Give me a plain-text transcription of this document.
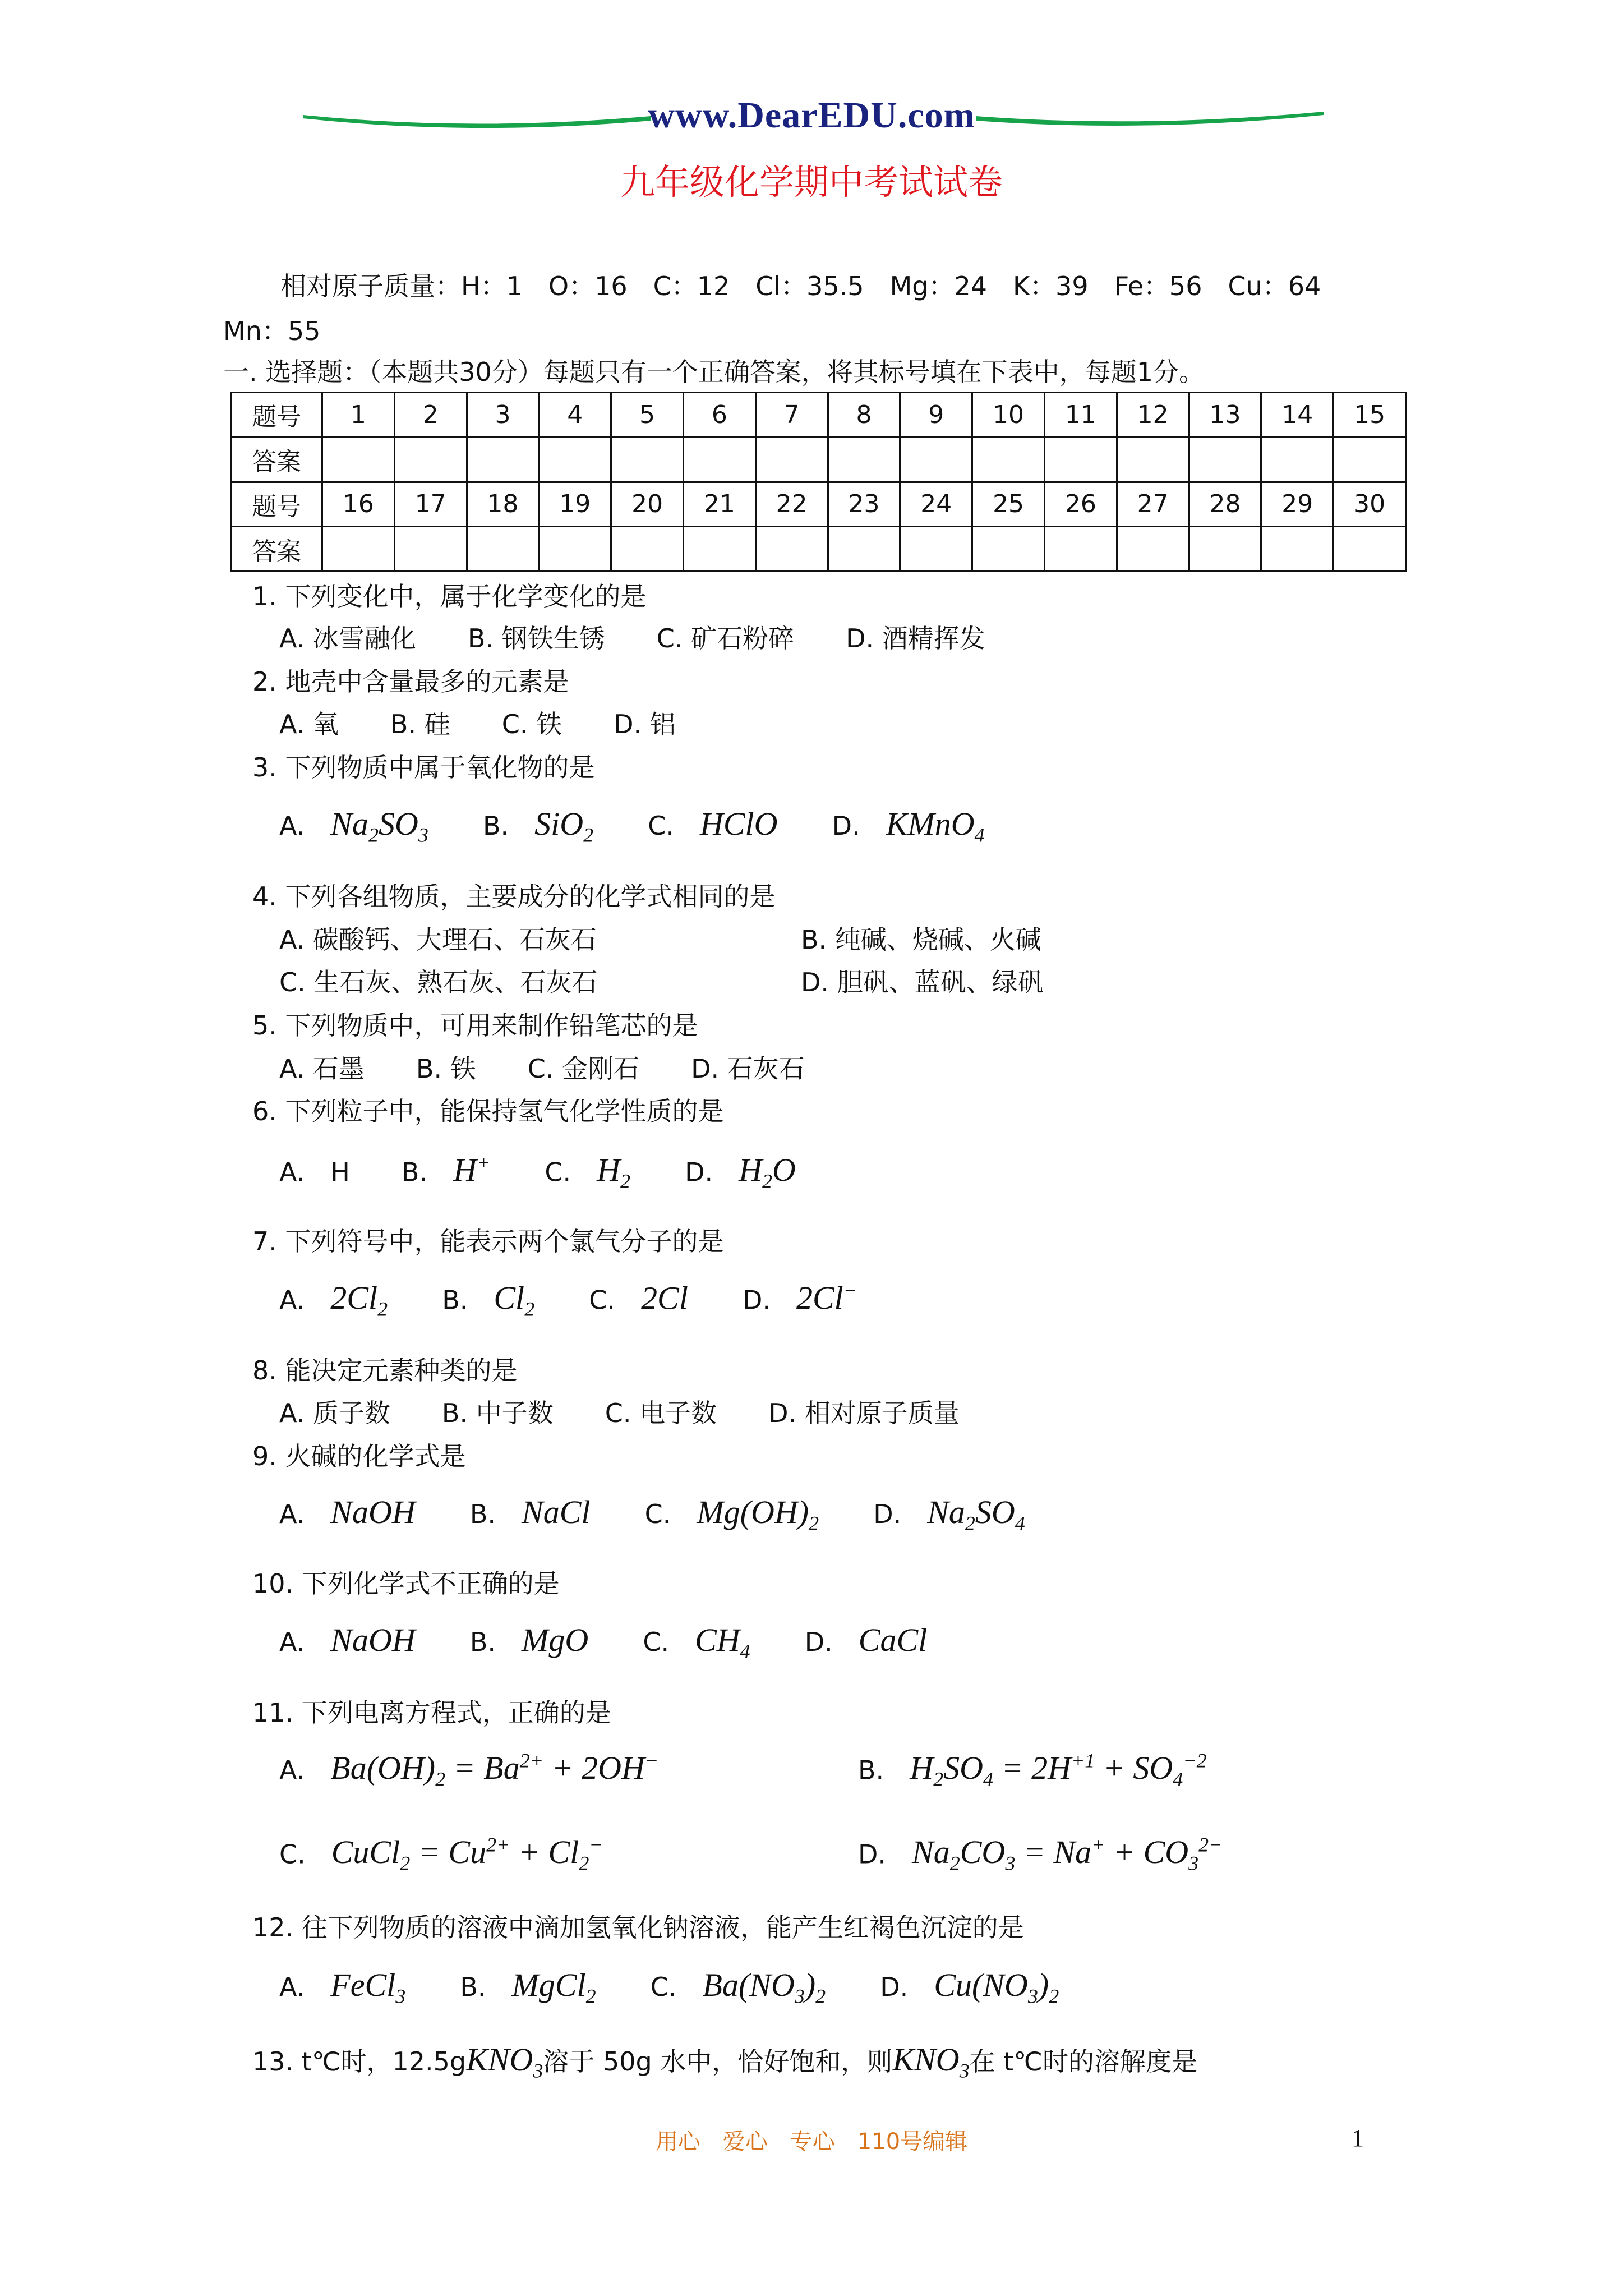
www.DearEDU.com
九年级化学期中考试试卷
相对原子质量：H：1　O：16　C：12　Cl：35.5　Mg：24　K：39　Fe：56　Cu：64
Mn：55
一. 选择题：（本题共30分）每题只有一个正确答案，将其标号填在下表中，每题1分。
题号	1	2	3	4	5	6	7	8	9	10	11	12	13	14	15
答案															
题号	16	17	18	19	20	21	22	23	24	25	26	27	28	29	30
答案															
1. 下列变化中，属于化学变化的是
A. 冰雪融化　　B. 钢铁生锈　　C. 矿石粉碎　　D. 酒精挥发
2. 地壳中含量最多的元素是
A. 氧　　B. 硅　　C. 铁　　D. 铝
3. 下列物质中属于氧化物的是
A.　$Na_2SO_3$ 　　B.　SiO$_2$ 　　C.　HClO 　　D.　KMnO$_4$
4. 下列各组物质，主要成分的化学式相同的是
A. 碳酸钙、大理石、石灰石	B. 纯碱、烧碱、火碱
C. 生石灰、熟石灰、石灰石	D. 胆矾、蓝矾、绿矾
5. 下列物质中，可用来制作铅笔芯的是
A. 石墨　　B. 铁　　C. 金刚石　　D. 石灰石
6. 下列粒子中，能保持氢气化学性质的是
A.　H　　B.　H+ 　　C.　$H_2$ 　　D.　$H_2O$
7. 下列符号中，能表示两个氯气分子的是
A.　$2Cl_2$ 　　B.　$Cl_2$ 　　C.　2Cl 　　D.　2Cl−
8. 能决定元素种类的是
A. 质子数　　B. 中子数　　C. 电子数　　D. 相对原子质量
9. 火碱的化学式是
A.　NaOH 　　B.　NaCl 　　C.　$Mg(OH)_2$ 　　D.　$Na_2SO_4$
10. 下列化学式不正确的是
A.　NaOH 　　B.　MgO 　　C.　$CH_4$ 　　D.　CaCl
11. 下列电离方程式，正确的是
A.　$Ba(OH)_2 = Ba^{2+} + 2OH^-$	B.　$H_2SO_4 = 2H^{+1} + SO_4^{-2}$
C.　CuCl$_2$ = $Cu^{2+} + Cl_2^-$	D.　$Na_2CO_3 = Na^+ + CO_3^{2-}$
12. 往下列物质的溶液中滴加氢氧化钠溶液，能产生红褐色沉淀的是
A.　FeCl$_3$ 　　B.　MgCl$_2$ 　　C.　$Ba(NO_3)_2$ 　　D.　$Cu(NO_3)_2$
13. t℃时，12.5gKNO$_3$溶于 50g 水中，恰好饱和，则$KNO_3$在 t℃时的溶解度是
用心　爱心　专心　110号编辑	1
